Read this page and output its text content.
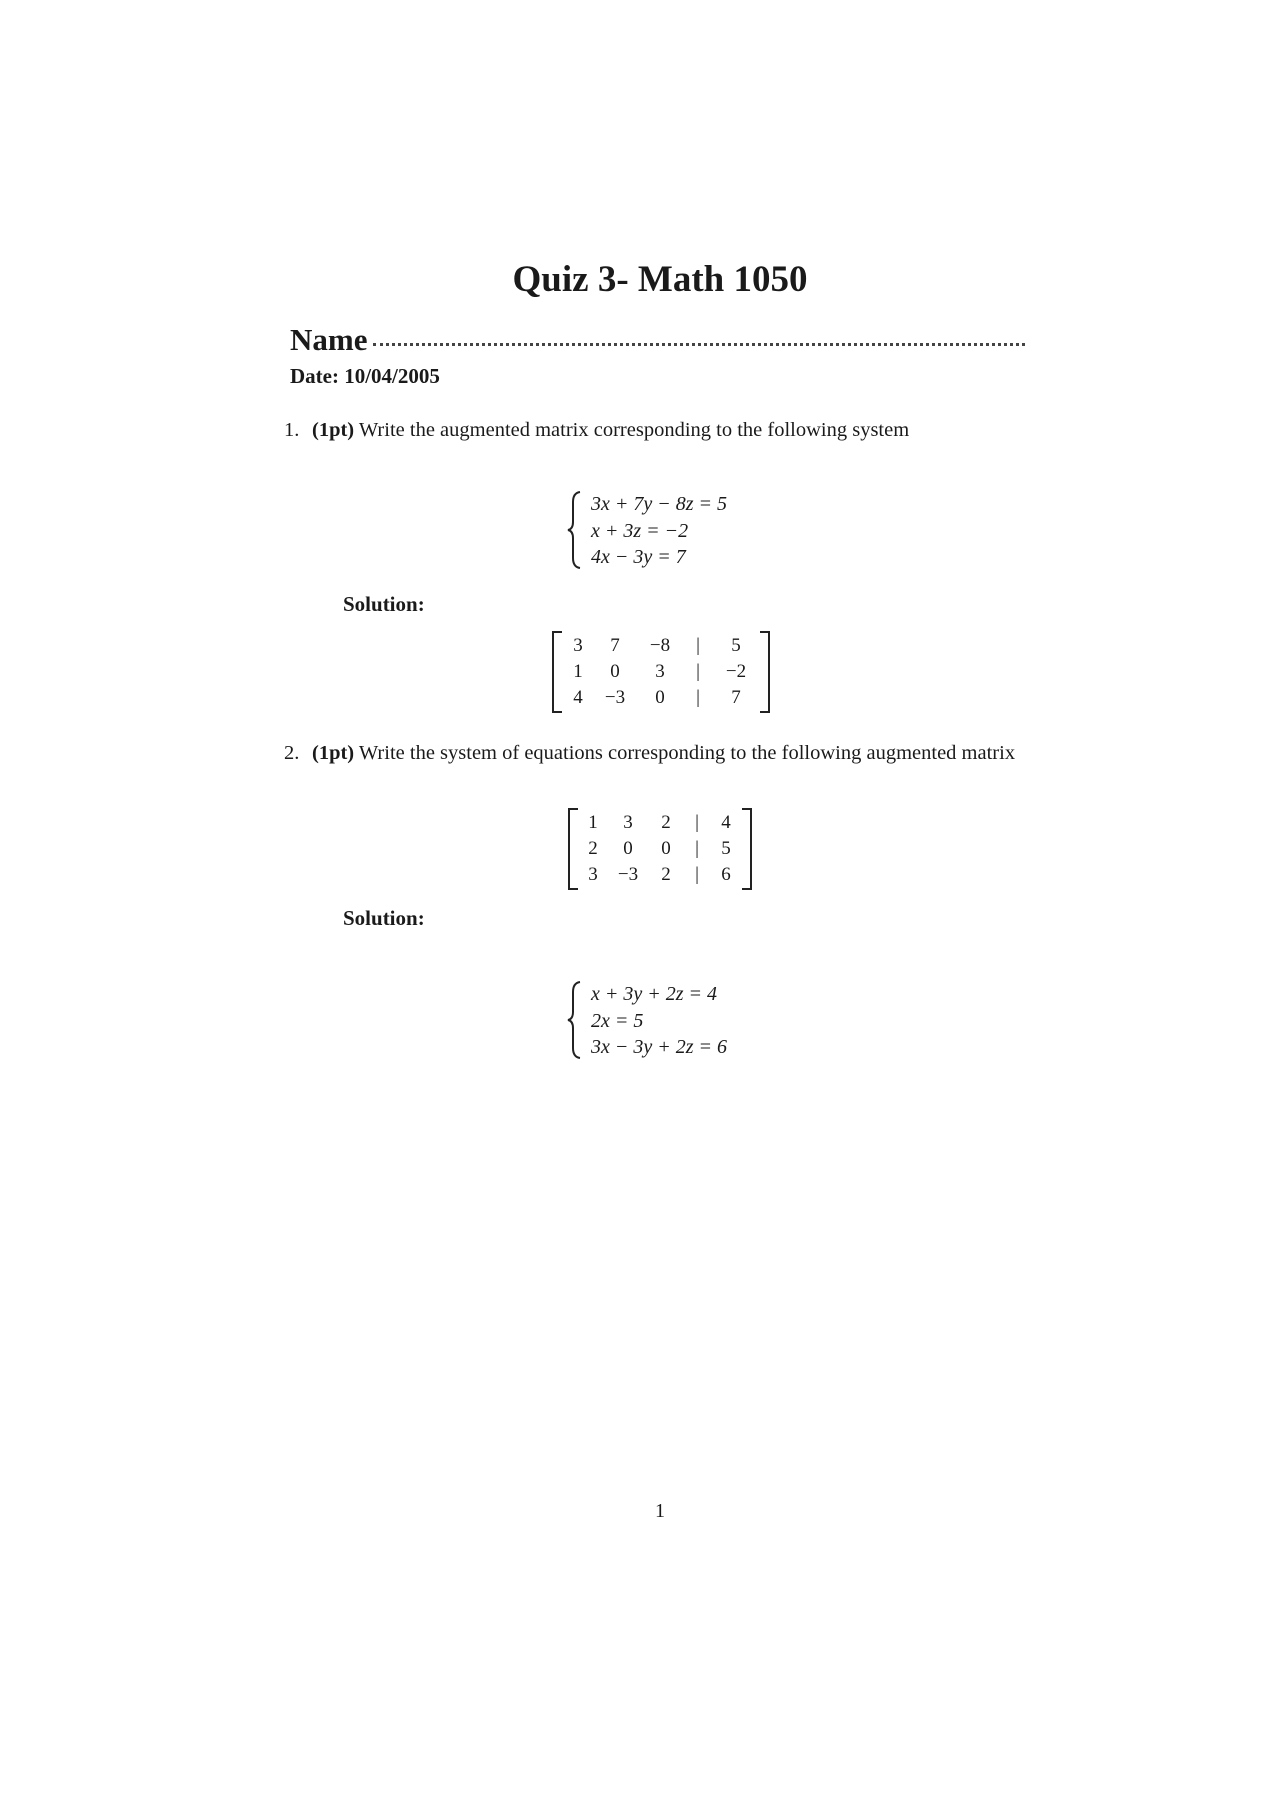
Quiz 3- Math 1050
Name
Date: 10/04/2005
1. (1pt) Write the augmented matrix corresponding to the following system
3x + 7y − 8z = 5
x + 3z = −2
4x − 3y = 7
Solution:
3	7	−8	|	5
1	0	3	|	−2
4	−3	0	|	7
2. (1pt) Write the system of equations corresponding to the following augmented matrix
1	3	2	|	4
2	0	0	|	5
3	−3	2	|	6
Solution:
x + 3y + 2z = 4
2x = 5
3x − 3y + 2z = 6
1
